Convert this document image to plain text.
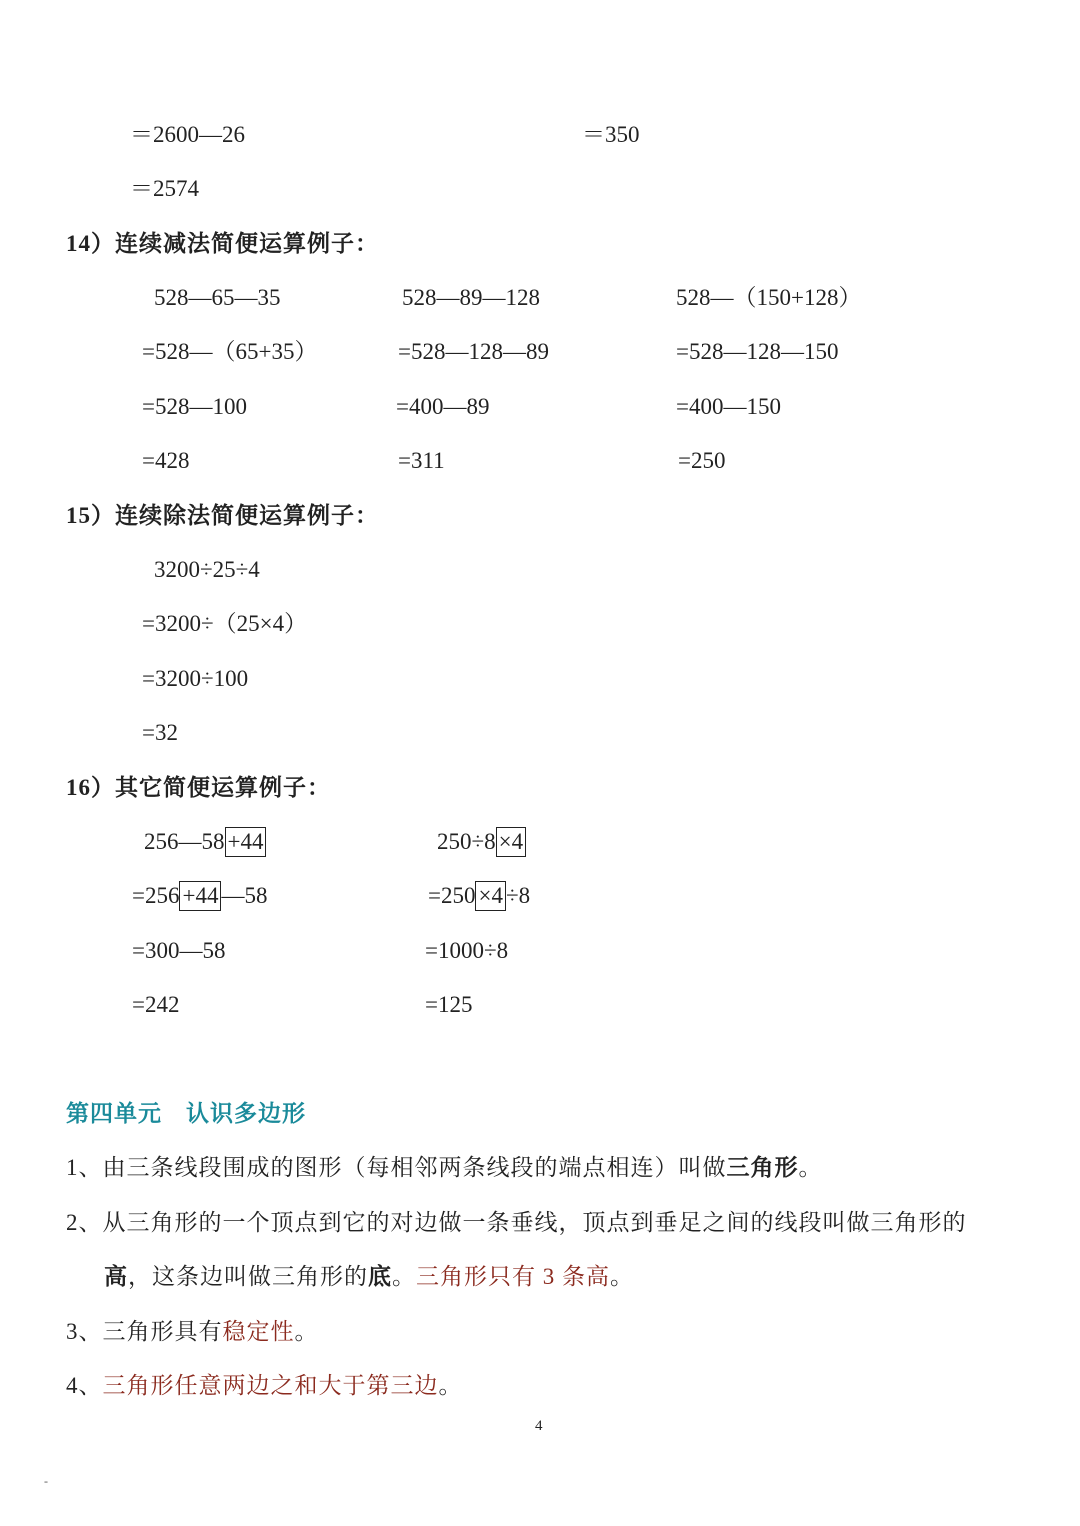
＝2600—26
＝2574
＝350
14）连续减法简便运算例子：
528—65—35
=528—（65+35）
=528—100
=428
528—89—128
=528—128—89
=400—89
=311
528—（150+128）
=528—128—150
=400—150
=250
15）连续除法简便运算例子：
3200÷25÷4
=3200÷（25×4）
=3200÷100
=32
16）其它简便运算例子：
256—58 +44
=256 +44 —58
=300—58
=242
250÷8 ×4
=250 ×4 ÷8
=1000÷8
=125
第四单元　认识多边形
1、由三条线段围成的图形（每相邻两条线段的端点相连）叫做三角形。
2、从三角形的一个顶点到它的对边做一条垂线，顶点到垂足之间的线段叫做三角形的
高，这条边叫做三角形的底。三角形只有 3 条高。
3、三角形具有稳定性。
4、三角形任意两边之和大于第三边。
4
-
